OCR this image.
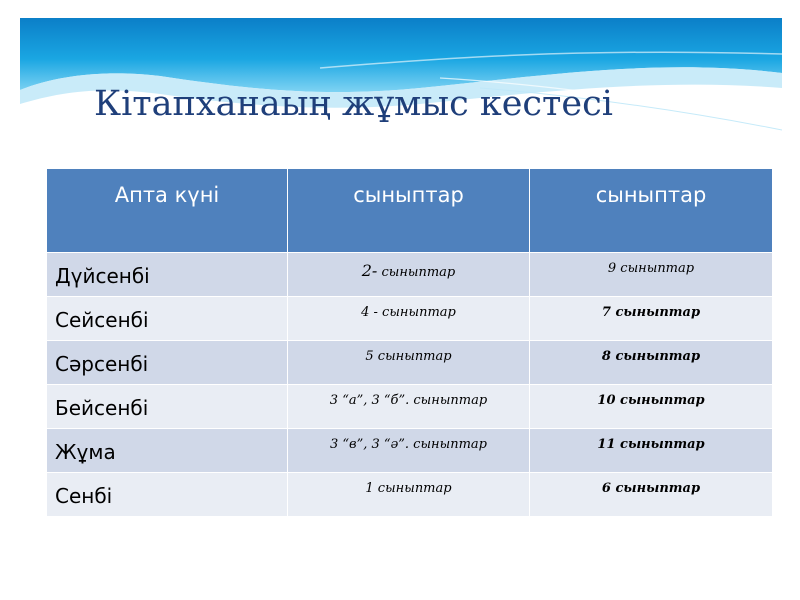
Кітапханаың жұмыс кестесі
Апта күні	сыныптар	сыныптар

Дүйсенбі	2- сыныптар	9 сыныптар

Сейсенбі	4 - сыныптар	7 сыныптар

Сәрсенбі	5 сыныптар	8 сыныптар

Бейсенбі	3 “а”, 3 “б”. сыныптар	10 сыныптар

Жұма	3 “в”, 3 “ә”. сыныптар	11 сыныптар

Сенбі	1 сыныптар	6 сыныптар
